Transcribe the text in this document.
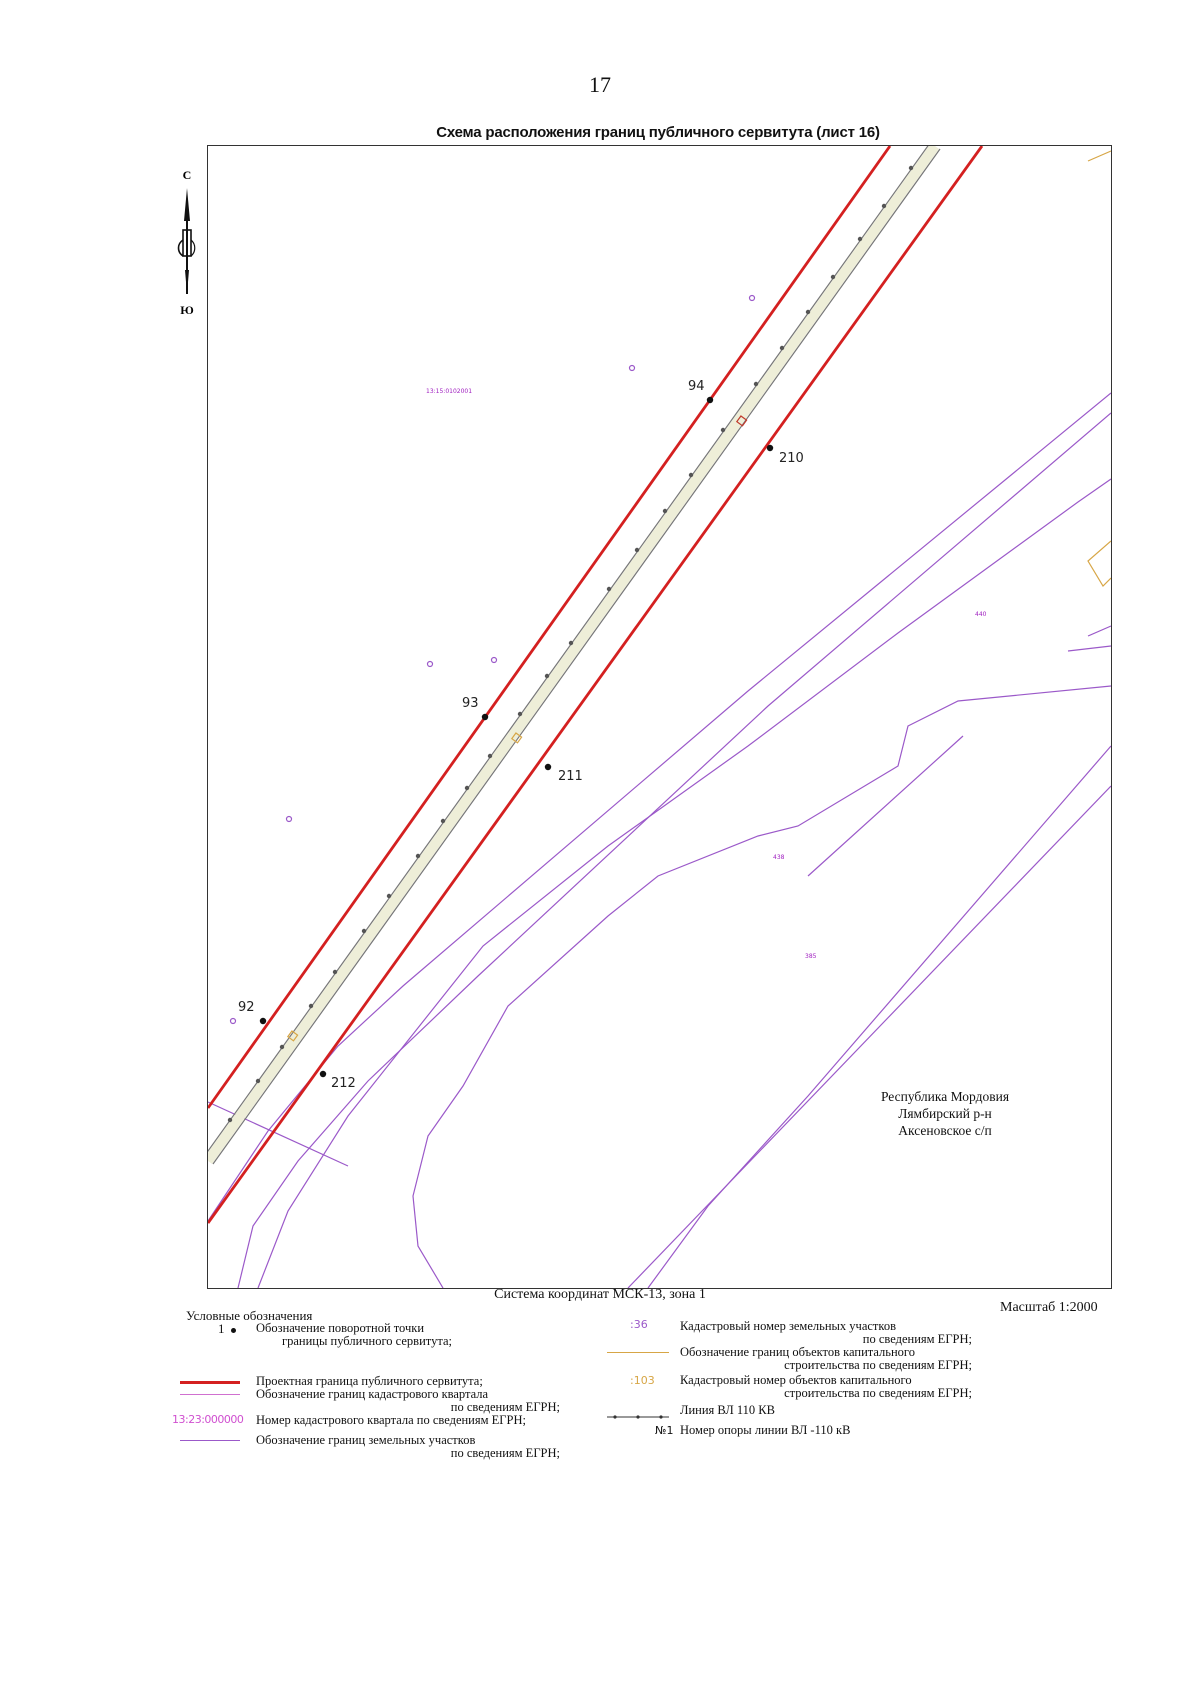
17
Схема расположения границ публичного сервитута (лист 16)
С
Ю
13:15:0102001
440
438
385
94
210
93
211
92
212
Республика Мордовия
Лямбирский р-н
Аксеновское с/п
Система координат МСК-13, зона 1
Масштаб 1:2000
Условные обозначения
1	Обозначение поворотной точки
границы публичного сервитута;
Проектная граница публичного сервитута;
Обозначение границ кадастрового квартала
по сведениям ЕГРН;
13:23:000000 Номер кадастрового квартала по сведениям ЕГРН;
Обозначение границ земельных участков
по сведениям ЕГРН;
:36	Кадастровый номер земельных участков
по сведениям ЕГРН;
Обозначение границ объектов капитального
строительства по сведениям ЕГРН;
:103 Кадастровый номер объектов капитального
строительства по сведениям ЕГРН;
Линия ВЛ 110 КВ
№1 Номер опоры линии ВЛ -110 кВ
